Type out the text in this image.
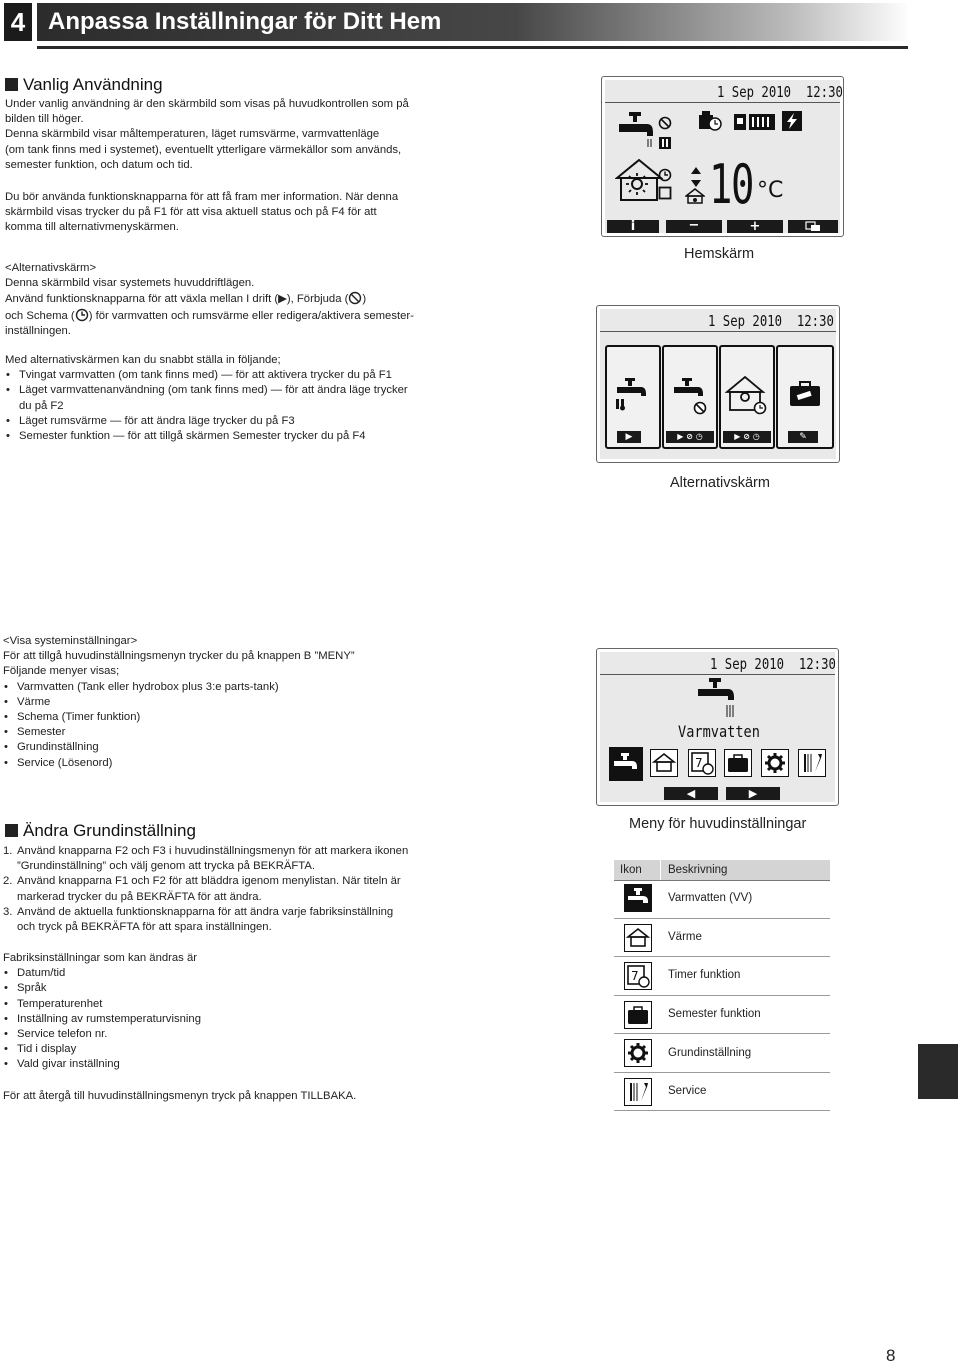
4 Anpassa Inställningar för Ditt Hem
Vanlig Användning
Under vanlig användning är den skärmbild som visas på huvudkontrollen som på
bilden till höger.
Denna skärmbild visar måltemperaturen, läget rumsvärme, varmvattenläge
(om tank finns med i systemet), eventuellt ytterligare värmekällor som används,
semester funktion, och datum och tid.
Du bör använda funktionsknapparna för att få fram mer information. När denna
skärmbild visas trycker du på F1 för att visa aktuell status och på F4 för att
komma till alternativmenyskärmen.
<Alternativskärm>
Denna skärmbild visar systemets huvuddriftlägen.
Använd funktionsknapparna för att växla mellan I drift (▶), Förbjuda ( )
och Schema ( ) för varmvatten och rumsvärme eller redigera/aktivera semester-
inställningen.
Med alternativskärmen kan du snabbt ställa in följande;
• Tvingat varmvatten (om tank finns med) — för att aktivera trycker du på F1
• Läget varmvattenanvändning (om tank finns med) — för att ändra läge trycker
du på F2
• Läget rumsvärme — för att ändra läge trycker du på F3
• Semester funktion — för att tillgå skärmen Semester trycker du på F4
1 Sep 2010 12:30
10 °C
i	−	+
Hemskärm
1 Sep 2010 12:30
▶	▶ ⊘ ◷	▶ ⊘ ◷	✎
Alternativskärm
<Visa systeminställningar>
För att tillgå huvudinställningsmenyn trycker du på knappen B ”MENY”
Följande menyer visas;
• Varmvatten (Tank eller hydrobox plus 3:e parts-tank)
• Värme
• Schema (Timer funktion)
• Semester
• Grundinställning
• Service (Lösenord)
1 Sep 2010 12:30
Varmvatten
7
◀	▶
Meny för huvudinställningar
Ändra Grundinställning
1. Använd knapparna F2 och F3 i huvudinställningsmenyn för att markera ikonen
”Grundinställning” och välj genom att trycka på BEKRÄFTA.
2. Använd knapparna F1 och F2 för att bläddra igenom menylistan. När titeln är
markerad trycker du på BEKRÄFTA för att ändra.
3. Använd de aktuella funktionsknapparna för att ändra varje fabriksinställning
och tryck på BEKRÄFTA för att spara inställningen.
Fabriksinställningar som kan ändras är
• Datum/tid
• Språk
• Temperaturenhet
• Inställning av rumstemperaturvisning
• Service telefon nr.
• Tid i display
• Vald givar inställning
För att återgå till huvudinställningsmenyn tryck på knappen TILLBAKA.
Ikon Beskrivning
Varmvatten (VV)
Värme
7	Timer funktion
Semester funktion
Grundinställning
Service
8
